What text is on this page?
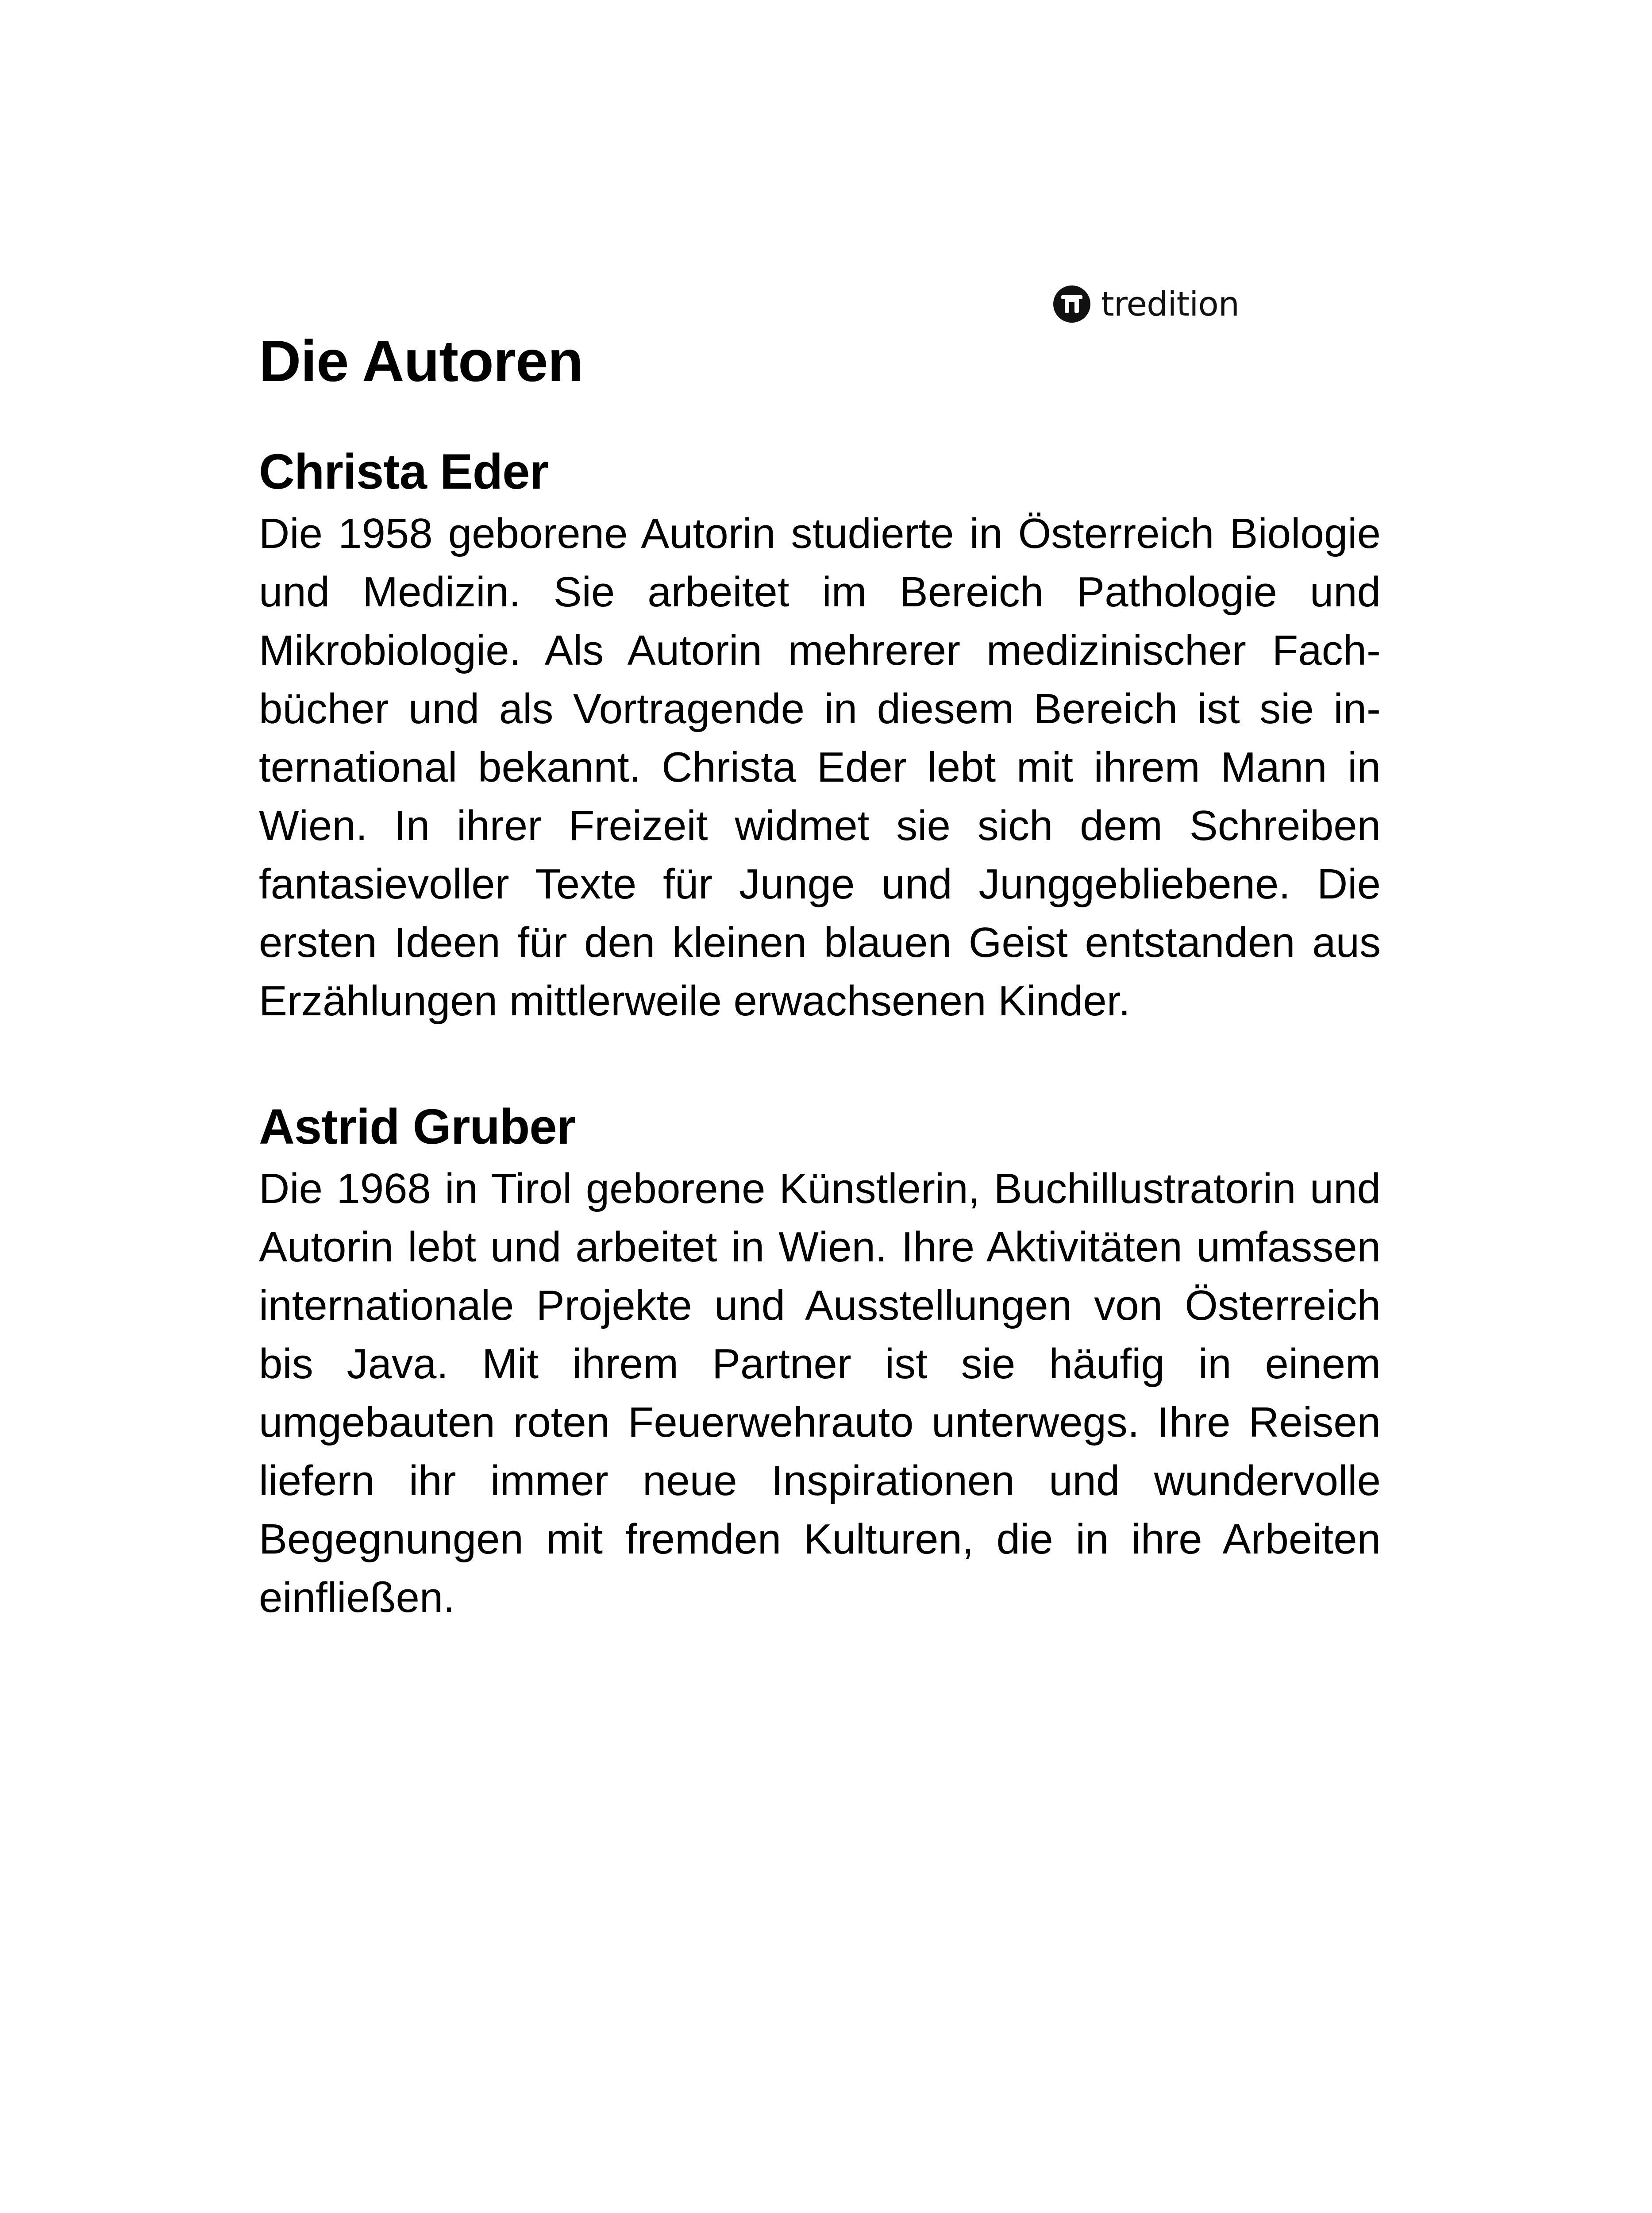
tredition
Die Autoren
Christa Eder

Die 1958 geborene Autorin studierte in Österreich Biologie und Medizin. Sie arbeitet im Bereich Pathologie und Mikrobiologie. Als Autorin mehrerer medizinischer Fachbücher und als Vortragende in diesem Bereich ist sie international bekannt. Christa Eder lebt mit ihrem Mann in Wien. In ihrer Freizeit widmet sie sich dem Schreiben fantasievoller Texte für Junge und Junggebliebene. Die ersten Ideen für den kleinen blauen Geist entstanden aus Erzählungen mittlerweile erwachsenen Kinder.

Astrid Gruber

Die 1968 in Tirol geborene Künstlerin, Buchillustratorin und Autorin lebt und arbeitet in Wien. Ihre Aktivitäten umfassen internationale Projekte und Ausstellungen von Österreich bis Java. Mit ihrem Partner ist sie häufig in einem umgebauten roten Feuerwehrauto unterwegs. Ihre Reisen liefern ihr immer neue Inspirationen und wundervolle Begegnungen mit fremden Kulturen, die in ihre Arbeiten einfließen.
